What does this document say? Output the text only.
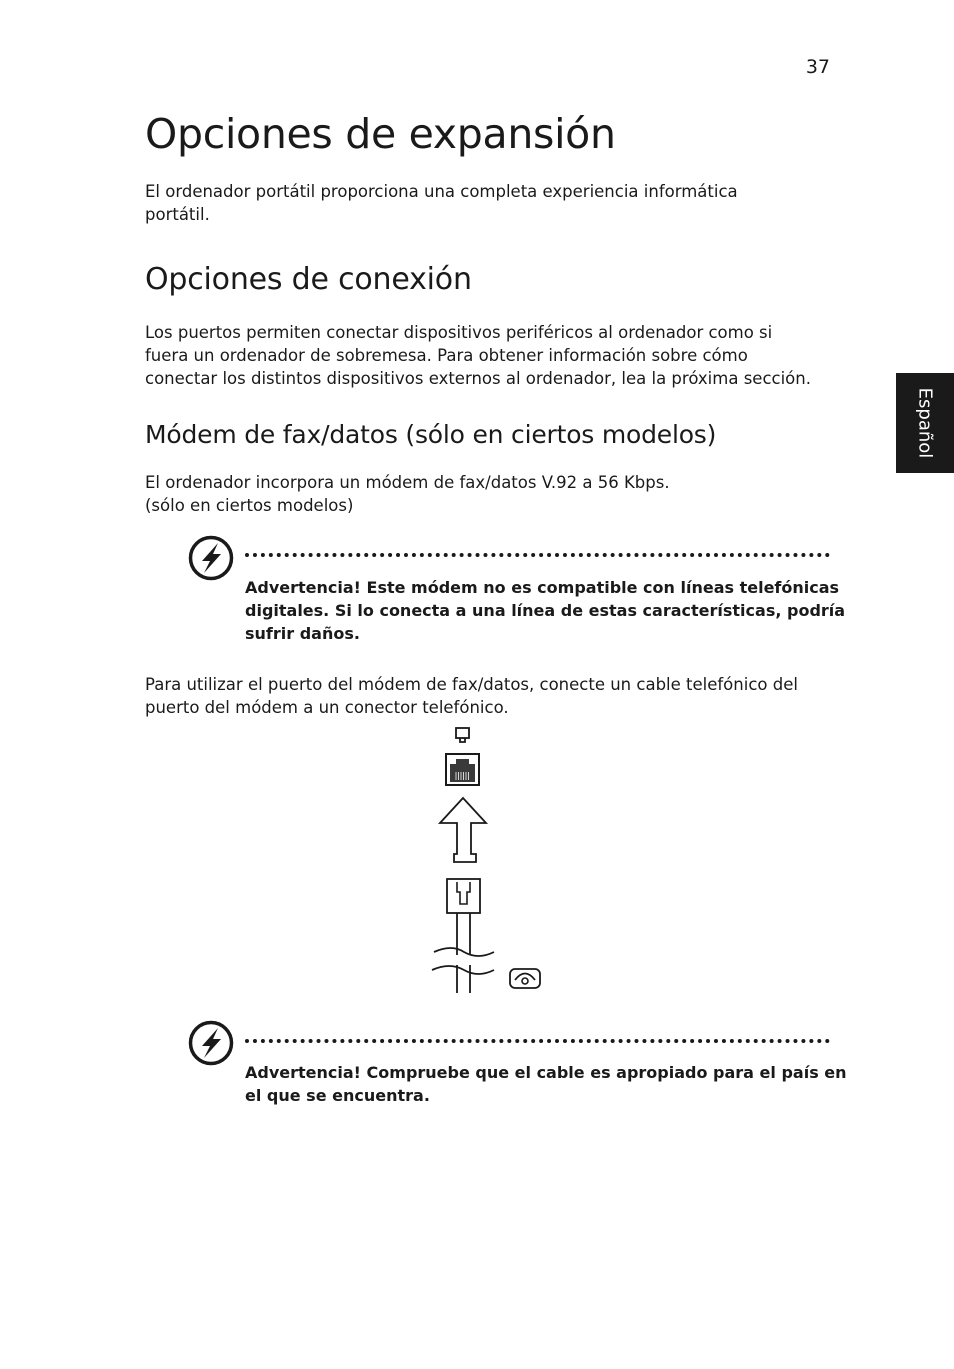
37
Opciones de expansión

El ordenador portátil proporciona una completa experiencia informática
portátil.

Opciones de conexión

Los puertos permiten conectar dispositivos periféricos al ordenador como si
fuera un ordenador de sobremesa. Para obtener información sobre cómo
conectar los distintos dispositivos externos al ordenador, lea la próxima sección.

Español
Módem de fax/datos (sólo en ciertos modelos)

El ordenador incorpora un módem de fax/datos V.92 a 56 Kbps.
(sólo en ciertos modelos)

Advertencia! Este módem no es compatible con líneas telefónicas
digitales. Si lo conecta a una línea de estas características, podría
sufrir daños.

Para utilizar el puerto del módem de fax/datos, conecte un cable telefónico del
puerto del módem a un conector telefónico.

Advertencia! Compruebe que el cable es apropiado para el país en
el que se encuentra.
